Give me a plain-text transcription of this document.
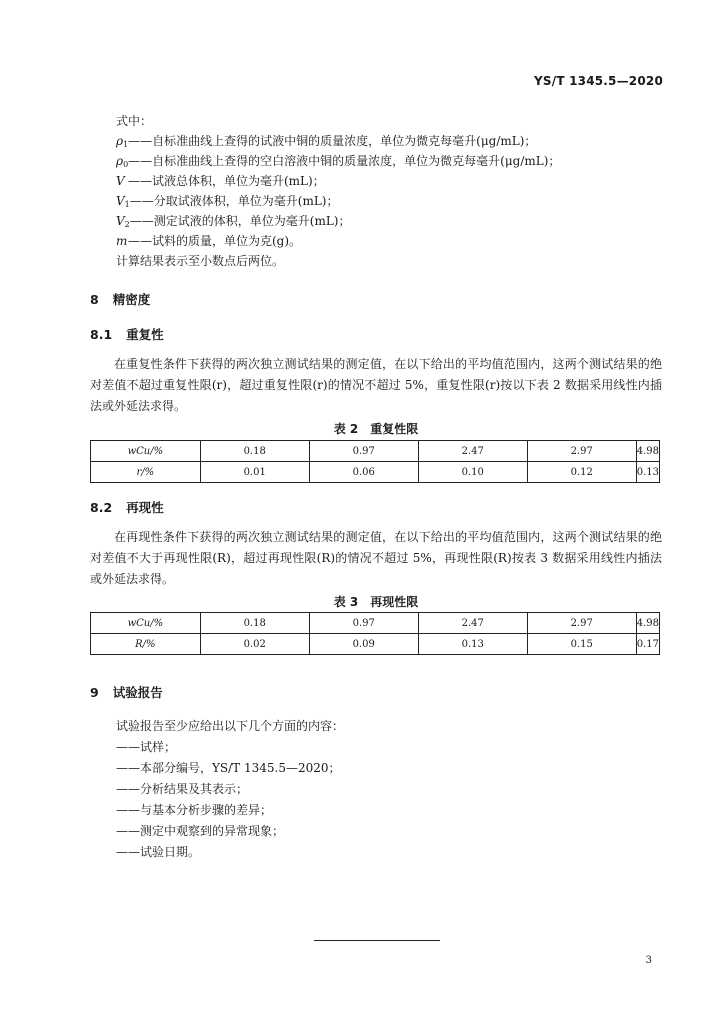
YS/T 1345.5—2020
式中：
$\rho_1——$自标准曲线上查得的试液中铜的质量浓度，单位为微克每毫升(μg/mL)；
$\rho_0——$自标准曲线上查得的空白溶液中铜的质量浓度，单位为微克每毫升(μg/mL)；
V ——试液总体积，单位为毫升(mL)；
$V_1——$分取试液体积，单位为毫升(mL)；
$V_2——$测定试液的体积，单位为毫升(mL)；
m——试料的质量，单位为克(g)。
计算结果表示至小数点后两位。
8 精密度
8.1 重复性

在重复性条件下获得的两次独立测试结果的测定值，在以下给出的平均值范围内，这两个测试结果的绝对差值不超过重复性限(r)，超过重复性限(r)的情况不超过 5%，重复性限(r)按以下表 2 数据采用线性内插法或外延法求得。

表 2 重复性限
wCu/%	0.18	0.97	2.47	2.97	4.98
r/%	0.01	0.06	0.10	0.12	0.13
8.2 再现性

在再现性条件下获得的两次独立测试结果的测定值，在以下给出的平均值范围内，这两个测试结果的绝对差值不大于再现性限(R)，超过再现性限(R)的情况不超过 5%，再现性限(R)按表 3 数据采用线性内插法或外延法求得。

表 3 再现性限
wCu/%	0.18	0.97	2.47	2.97	4.98
R/%	0.02	0.09	0.13	0.15	0.17
9 试验报告
试验报告至少应给出以下几个方面的内容：
——试样；
——本部分编号，YS/T 1345.5—2020；
——分析结果及其表示；
——与基本分析步骤的差异；
——测定中观察到的异常现象；
——试验日期。
3
